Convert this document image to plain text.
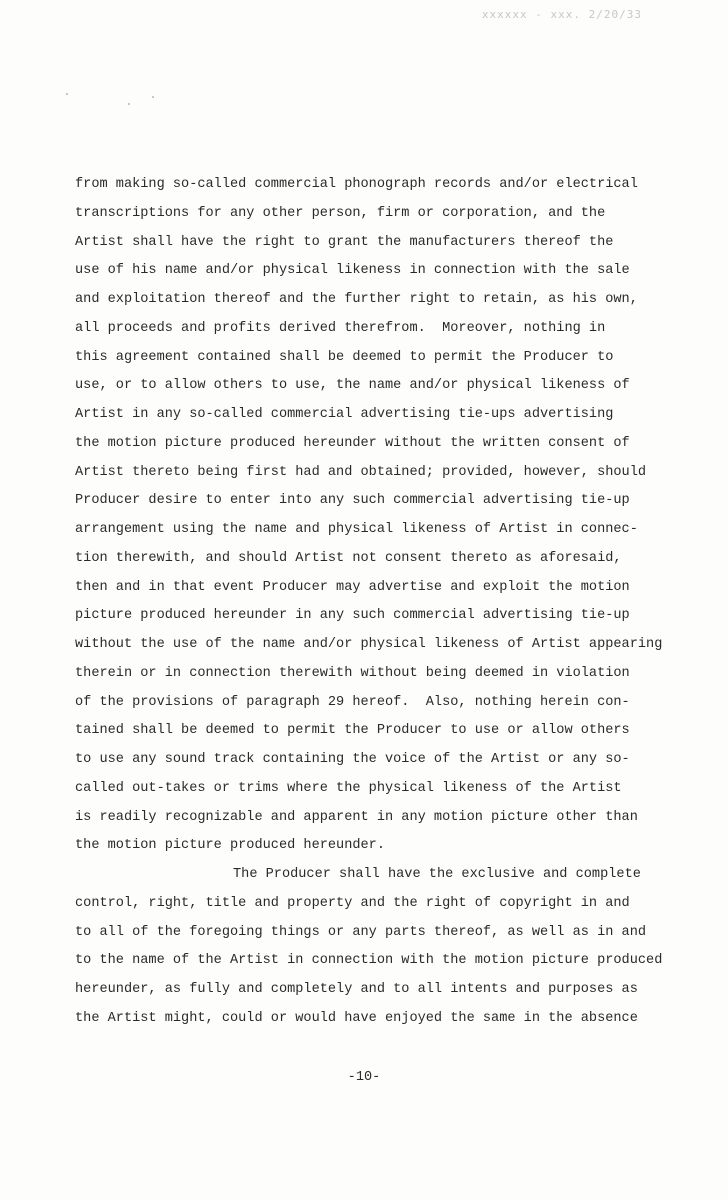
xxxxxx - xxx. 2/20/33
from making so-called commercial phonograph records and/or electrical
transcriptions for any other person, firm or corporation, and the
Artist shall have the right to grant the manufacturers thereof the
use of his name and/or physical likeness in connection with the sale
and exploitation thereof and the further right to retain, as his own,
all proceeds and profits derived therefrom.  Moreover, nothing in
this agreement contained shall be deemed to permit the Producer to
use, or to allow others to use, the name and/or physical likeness of
Artist in any so-called commercial advertising tie-ups advertising
the motion picture produced hereunder without the written consent of
Artist thereto being first had and obtained; provided, however, should
Producer desire to enter into any such commercial advertising tie-up
arrangement using the name and physical likeness of Artist in connec-
tion therewith, and should Artist not consent thereto as aforesaid,
then and in that event Producer may advertise and exploit the motion
picture produced hereunder in any such commercial advertising tie-up
without the use of the name and/or physical likeness of Artist appearing
therein or in connection therewith without being deemed in violation
of the provisions of paragraph 29 hereof.  Also, nothing herein con-
tained shall be deemed to permit the Producer to use or allow others
to use any sound track containing the voice of the Artist or any so-
called out-takes or trims where the physical likeness of the Artist
is readily recognizable and apparent in any motion picture other than
the motion picture produced hereunder.
The Producer shall have the exclusive and complete
control, right, title and property and the right of copyright in and
to all of the foregoing things or any parts thereof, as well as in and
to the name of the Artist in connection with the motion picture produced
hereunder, as fully and completely and to all intents and purposes as
the Artist might, could or would have enjoyed the same in the absence
-10-
